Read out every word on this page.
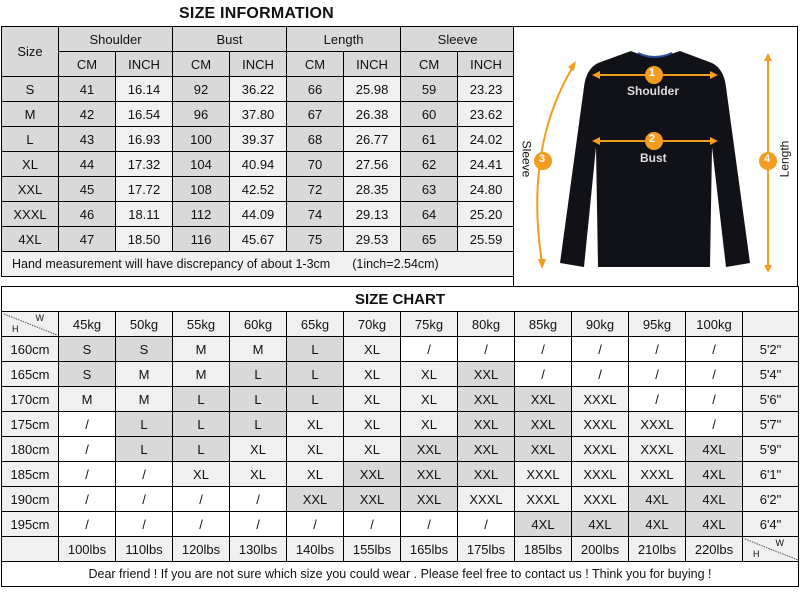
SIZE INFORMATION
Size	Shoulder		Bust		Length		Sleeve	
	CM	INCH	CM	INCH	CM	INCH	CM	INCH
S	41	16.14	92	36.22	66	25.98	59	23.23
M	42	16.54	96	37.80	67	26.38	60	23.62
L	43	16.93	100	39.37	68	26.77	61	24.02
XL	44	17.32	104	40.94	70	27.56	62	24.41
XXL	45	17.72	108	42.52	72	28.35	63	24.80
XXXL	46	18.11	112	44.09	74	29.13	64	25.20
4XL	47	18.50	116	45.67	75	29.53	65	25.59
Hand measurement will have discrepancy of about 1-3cm (1inch=2.54cm)								
1
Shoulder
2
Bust
3
Sleeve	4 Length
SIZE CHART													

H
W	45kg	50kg	55kg	60kg	65kg	70kg	75kg	80kg	85kg	90kg	95kg	100kg	
160cm	S	S	M	M	L	XL	/	/	/	/	/	/	5'2"
165cm	S	M	M	L	L	XL	XL	XXL	/	/	/	/	5'4"
170cm	M	M	L	L	L	XL	XL	XXL	XXL	XXXL	/	/	5'6"
175cm	/	L	L	L	XL	XL	XL	XXL	XXL	XXXL	XXXL	/	5'7"
180cm	/	L	L	XL	XL	XL	XXL	XXL	XXL	XXXL	XXXL	4XL	5'9"
185cm	/	/	XL	XL	XL	XXL	XXL	XXL	XXXL	XXXL	XXXL	4XL	6'1"
190cm	/	/	/	/	XXL	XXL	XXL	XXXL	XXXL	XXXL	4XL	4XL	6'2"
195cm	/	/	/	/	/	/	/	/	4XL	4XL	4XL	4XL	6'4"
	100lbs	110lbs	120lbs	130lbs	140lbs	155lbs	165lbs	175lbs	185lbs	200lbs	210lbs	220lbs	H
W

Dear friend ! If you are not sure which size you could wear . Please feel free to contact us ! Think you for buying !													
